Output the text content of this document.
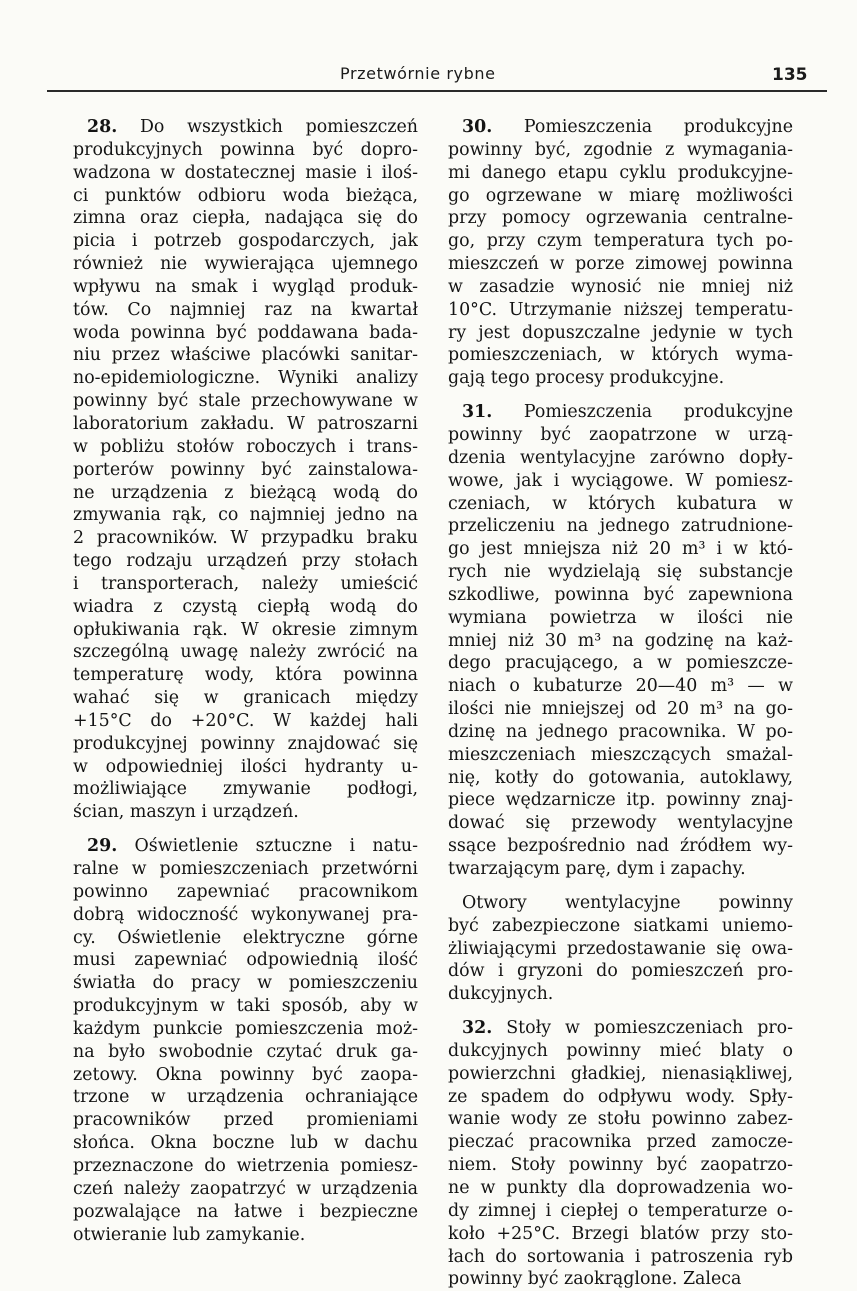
Przetwórnie rybne	135
28. Do wszystkich pomieszczeń
produkcyjnych powinna być dopro-
wadzona w dostatecznej masie i iloś-
ci punktów odbioru woda bieżąca,
zimna oraz ciepła, nadająca się do
picia i potrzeb gospodarczych, jak
również nie wywierająca ujemnego
wpływu na smak i wygląd produk-
tów. Co najmniej raz na kwartał
woda powinna być poddawana bada-
niu przez właściwe placówki sanitar-
no-epidemiologiczne. Wyniki analizy
powinny być stale przechowywane w
laboratorium zakładu. W patroszarni
w pobliżu stołów roboczych i trans-
porterów powinny być zainstalowa-
ne urządzenia z bieżącą wodą do
zmywania rąk, co najmniej jedno na
2 pracowników. W przypadku braku
tego rodzaju urządzeń przy stołach
i transporterach, należy umieścić
wiadra z czystą ciepłą wodą do
opłukiwania rąk. W okresie zimnym
szczególną uwagę należy zwrócić na
temperaturę wody, która powinna
wahać się w granicach między
+15°C do +20°C. W każdej hali
produkcyjnej powinny znajdować się
w odpowiedniej ilości hydranty u-
możliwiające zmywanie podłogi,
ścian, maszyn i urządzeń.
29. Oświetlenie sztuczne i natu-
ralne w pomieszczeniach przetwórni
powinno zapewniać pracownikom
dobrą widoczność wykonywanej pra-
cy. Oświetlenie elektryczne górne
musi zapewniać odpowiednią ilość
światła do pracy w pomieszczeniu
produkcyjnym w taki sposób, aby w
każdym punkcie pomieszczenia moż-
na było swobodnie czytać druk ga-
zetowy. Okna powinny być zaopa-
trzone w urządzenia ochraniające
pracowników przed promieniami
słońca. Okna boczne lub w dachu
przeznaczone do wietrzenia pomiesz-
czeń należy zaopatrzyć w urządzenia
pozwalające na łatwe i bezpieczne
otwieranie lub zamykanie.
30. Pomieszczenia produkcyjne
powinny być, zgodnie z wymagania-
mi danego etapu cyklu produkcyjne-
go ogrzewane w miarę możliwości
przy pomocy ogrzewania centralne-
go, przy czym temperatura tych po-
mieszczeń w porze zimowej powinna
w zasadzie wynosić nie mniej niż
10°C. Utrzymanie niższej temperatu-
ry jest dopuszczalne jedynie w tych
pomieszczeniach, w których wyma-
gają tego procesy produkcyjne.
31. Pomieszczenia produkcyjne
powinny być zaopatrzone w urzą-
dzenia wentylacyjne zarówno dopły-
wowe, jak i wyciągowe. W pomiesz-
czeniach, w których kubatura w
przeliczeniu na jednego zatrudnione-
go jest mniejsza niż 20 m³ i w któ-
rych nie wydzielają się substancje
szkodliwe, powinna być zapewniona
wymiana powietrza w ilości nie
mniej niż 30 m³ na godzinę na każ-
dego pracującego, a w pomieszcze-
niach o kubaturze 20—40 m³ — w
ilości nie mniejszej od 20 m³ na go-
dzinę na jednego pracownika. W po-
mieszczeniach mieszczących smażal-
nię, kotły do gotowania, autoklawy,
piece wędzarnicze itp. powinny znaj-
dować się przewody wentylacyjne
ssące bezpośrednio nad źródłem wy-
twarzającym parę, dym i zapachy.
Otwory wentylacyjne powinny
być zabezpieczone siatkami uniemo-
żliwiającymi przedostawanie się owa-
dów i gryzoni do pomieszczeń pro-
dukcyjnych.
32. Stoły w pomieszczeniach pro-
dukcyjnych powinny mieć blaty o
powierzchni gładkiej, nienasiąkliwej,
ze spadem do odpływu wody. Spły-
wanie wody ze stołu powinno zabez-
pieczać pracownika przed zamocze-
niem. Stoły powinny być zaopatrzo-
ne w punkty dla doprowadzenia wo-
dy zimnej i ciepłej o temperaturze o-
koło +25°C. Brzegi blatów przy sto-
łach do sortowania i patroszenia ryb
powinny być zaokrąglone. Zaleca
